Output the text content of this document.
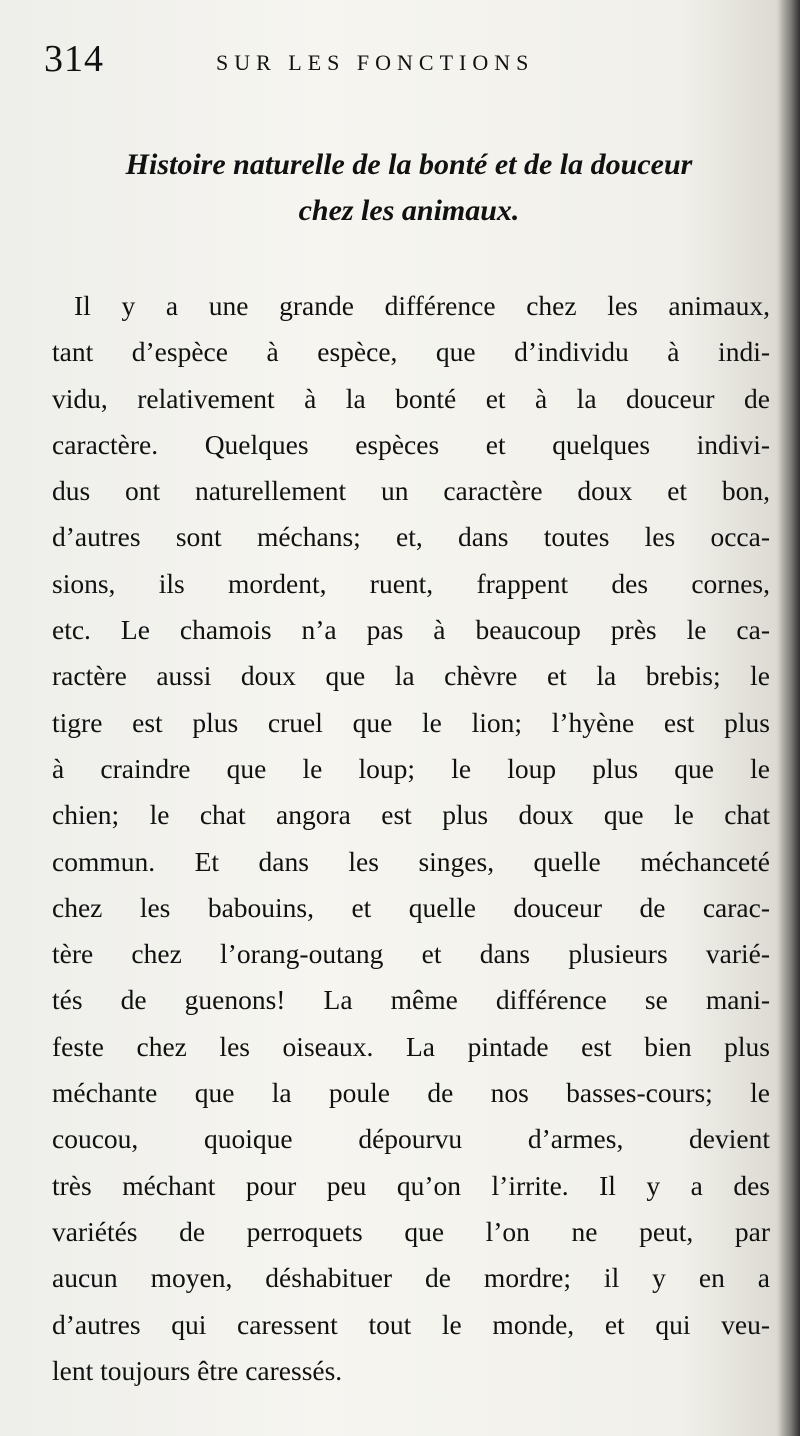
314	SUR LES FONCTIONS
Histoire naturelle de la bonté et de la douceur
chez les animaux.

Il y a une grande différence chez les animaux,
tant d’espèce à espèce, que d’individu à indi-
vidu, relativement à la bonté et à la douceur de
caractère. Quelques espèces et quelques indivi-
dus ont naturellement un caractère doux et bon,
d’autres sont méchans; et, dans toutes les occa-
sions, ils mordent, ruent, frappent des cornes,
etc. Le chamois n’a pas à beaucoup près le ca-
ractère aussi doux que la chèvre et la brebis; le
tigre est plus cruel que le lion; l’hyène est plus
à craindre que le loup; le loup plus que le
chien; le chat angora est plus doux que le chat
commun. Et dans les singes, quelle méchanceté
chez les babouins, et quelle douceur de carac-
tère chez l’orang-outang et dans plusieurs varié-
tés de guenons! La même différence se mani-
feste chez les oiseaux. La pintade est bien plus
méchante que la poule de nos basses-cours; le
coucou, quoique dépourvu d’armes, devient
très méchant pour peu qu’on l’irrite. Il y a des
variétés de perroquets que l’on ne peut, par
aucun moyen, déshabituer de mordre; il y en a
d’autres qui caressent tout le monde, et qui veu-
lent toujours être caressés.
